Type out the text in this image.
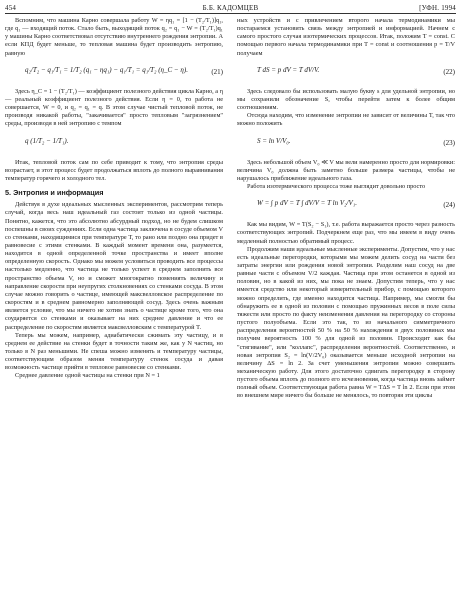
454	Б.Б. КАДОМЦЕВ	[УФН. 1994

Вспомним, что машина Карно совершала работу W = ηq₁ = [1 − (T₂/T₁)]q₁, где q₁ — входящий поток. Стало быть, выходящий поток q₂ = q₁ − W = (T₂/T₁)q₁ у машины Карно соответствовал отсутствию внутреннего рождения энтропии. А если КПД будет меньше, то тепловая машина будет производить энтропию, равную

q₂/T₂ − q₁/T₁ = 1/T₂ (q₁ − ηq₁) − q₁/T₁ = q₁/T₂ (η_C − η).	(21)

Здесь η_C = 1 − (T₂/T₁) — коэффициент полезного действия цикла Карно, а η — реальный коэффициент полезного действия. Если η = 0, то работа не совершается, W = 0, и q₂ = q₁ = q. В этом случае чистый тепловой поток, не производя никакой работы, "закачивается" просто тепловым "загрязнением" среды, производя в ней энтропию с темпом

q (1/T₂ − 1/T₁).

Итак, тепловой поток сам по себе приводит к тому, что энтропия среды возрастает, и этот процесс будет продолжаться вплоть до полного выравнивания температур горячего и холодного тел.

5. Энтропия и информация

Действуя в духе идеальных мысленных экспериментов, рассмотрим теперь случай, когда весь наш идеальный газ состоит только из одной частицы. Понятно, кажется, что это абсолютно абсурдный подход, но не будем слишком поспешны в своих суждениях. Если одна частица заключена в сосуде объемом V со стенками, находящимися при температуре T, то рано или поздно она придет в равновесие с этими стенками. В каждый момент времени она, разумеется, находится в одной определенной точке пространства и имеет вполне определенную скорость. Однако мы можем условиться проводить все процессы настолько медленно, что частица не только успеет в среднем заполнить все пространство объема V, но и сможет многократно помениять величину и направление скорости при неупругих столкновениях со стенками сосуда. В этом случае можно говорить о частице, имеющей максвелловское распределение по скоростям и в среднем равномерно заполняющей сосуд. Здесь очень важным является условие, что мы ничего не хотим знать о частице кроме того, что она соударяется со стенками и оказывает на них среднее давление и что ее распределение по скоростям является максвелловским с температурой T.

Теперь мы можем, например, адиабатически сжимать эту частицу, и в среднем ее действие на стенки будет в точности таким же, как у N частиц, но только в N раз меньшими. Не спеша можно изменять и температуру частицы, соответствующим образом меняя температуру стенок сосуда и давая возможность частице прийти в тепловое равновесие со стенками.

Среднее давление одной частицы на стенки при N = 1

ных устройств и с привлечением второго начала термодинамики мы постараемся установить связь между энтропией и информацией. Начнем с самого простого случая изотермических процессов. Итак, положим T = const. С помощью первого начала термодинамики при T = const и соотношения p = T/V получаем

T dS = p dV = T dV/V.	(22)

Здесь следовало бы использовать малую букву s для удельной энтропии, но мы сохранили обозначение S, чтобы перейти затем к более общим соотношениям.

Отсюда находим, что изменение энтропии не зависит от величины T, так что можно положить

S = ln V/V₀.	(23)

Здесь небольшой объем V₀ ≪ V мы вели намеренно просто для нормировки: величина V₀ должна быть заметно больше размера частицы, чтобы не нарушалось приближение идеального газа.

Работа изотермического процесса тоже выглядит довольно просто

W = ∫ p dV = T ∫ dV/V = T ln V₂/V₁.	(24)

Как мы видим, W = T(S₂ − S₁), т.е. работа выражается просто через разность соответствующих энтропий. Подчеркнем еще раз, что мы имеем в виду очень медленный полностью обратимый процесс.

Продолжим наши идеальные мысленные эксперименты. Допустим, что у нас есть идеальные перегородки, которыми мы можем делить сосуд на части без затраты энергии или рождения новой энтропии. Разделим наш сосуд на две равные части с объемом V/2 каждая. Частица при этом останется в одной из половин, но в какой из них, мы пока не знаем. Допустим теперь, что у нас имеется средство или некоторый измерительный прибор, с помощью которого можно определить, где именно находится частица. Например, мы смогли бы обнаружить ее в одной из половин с помощью пружинных весов в поле силы тяжести или просто по факту неизменения давления на перегородку со стороны пустого полуобъема. Если это так, то из начального симметричного распределения вероятностей 50 % на 50 % нахождения в двух половинах мы получим вероятность 100 % для одной из половин. Происходит как бы "стягивание", или "коллапс", распределения вероятностей. Соответственно, и новая энтропия S₂ = ln(V/2V₀) оказывается меньше исходной энтропии на величину ΔS = ln 2. За счет уменьшения энтропии можно совершить механическую работу. Для этого достаточно сдвигать перегородку в сторону пустого объема вплоть до полного его исчезновения, когда частица вновь займет полный объем. Соответствующая работа равна W = TΔS = T ln 2. Если при этом во внешнем мире ничего бы больше не менялось, то повторяя эти циклы
